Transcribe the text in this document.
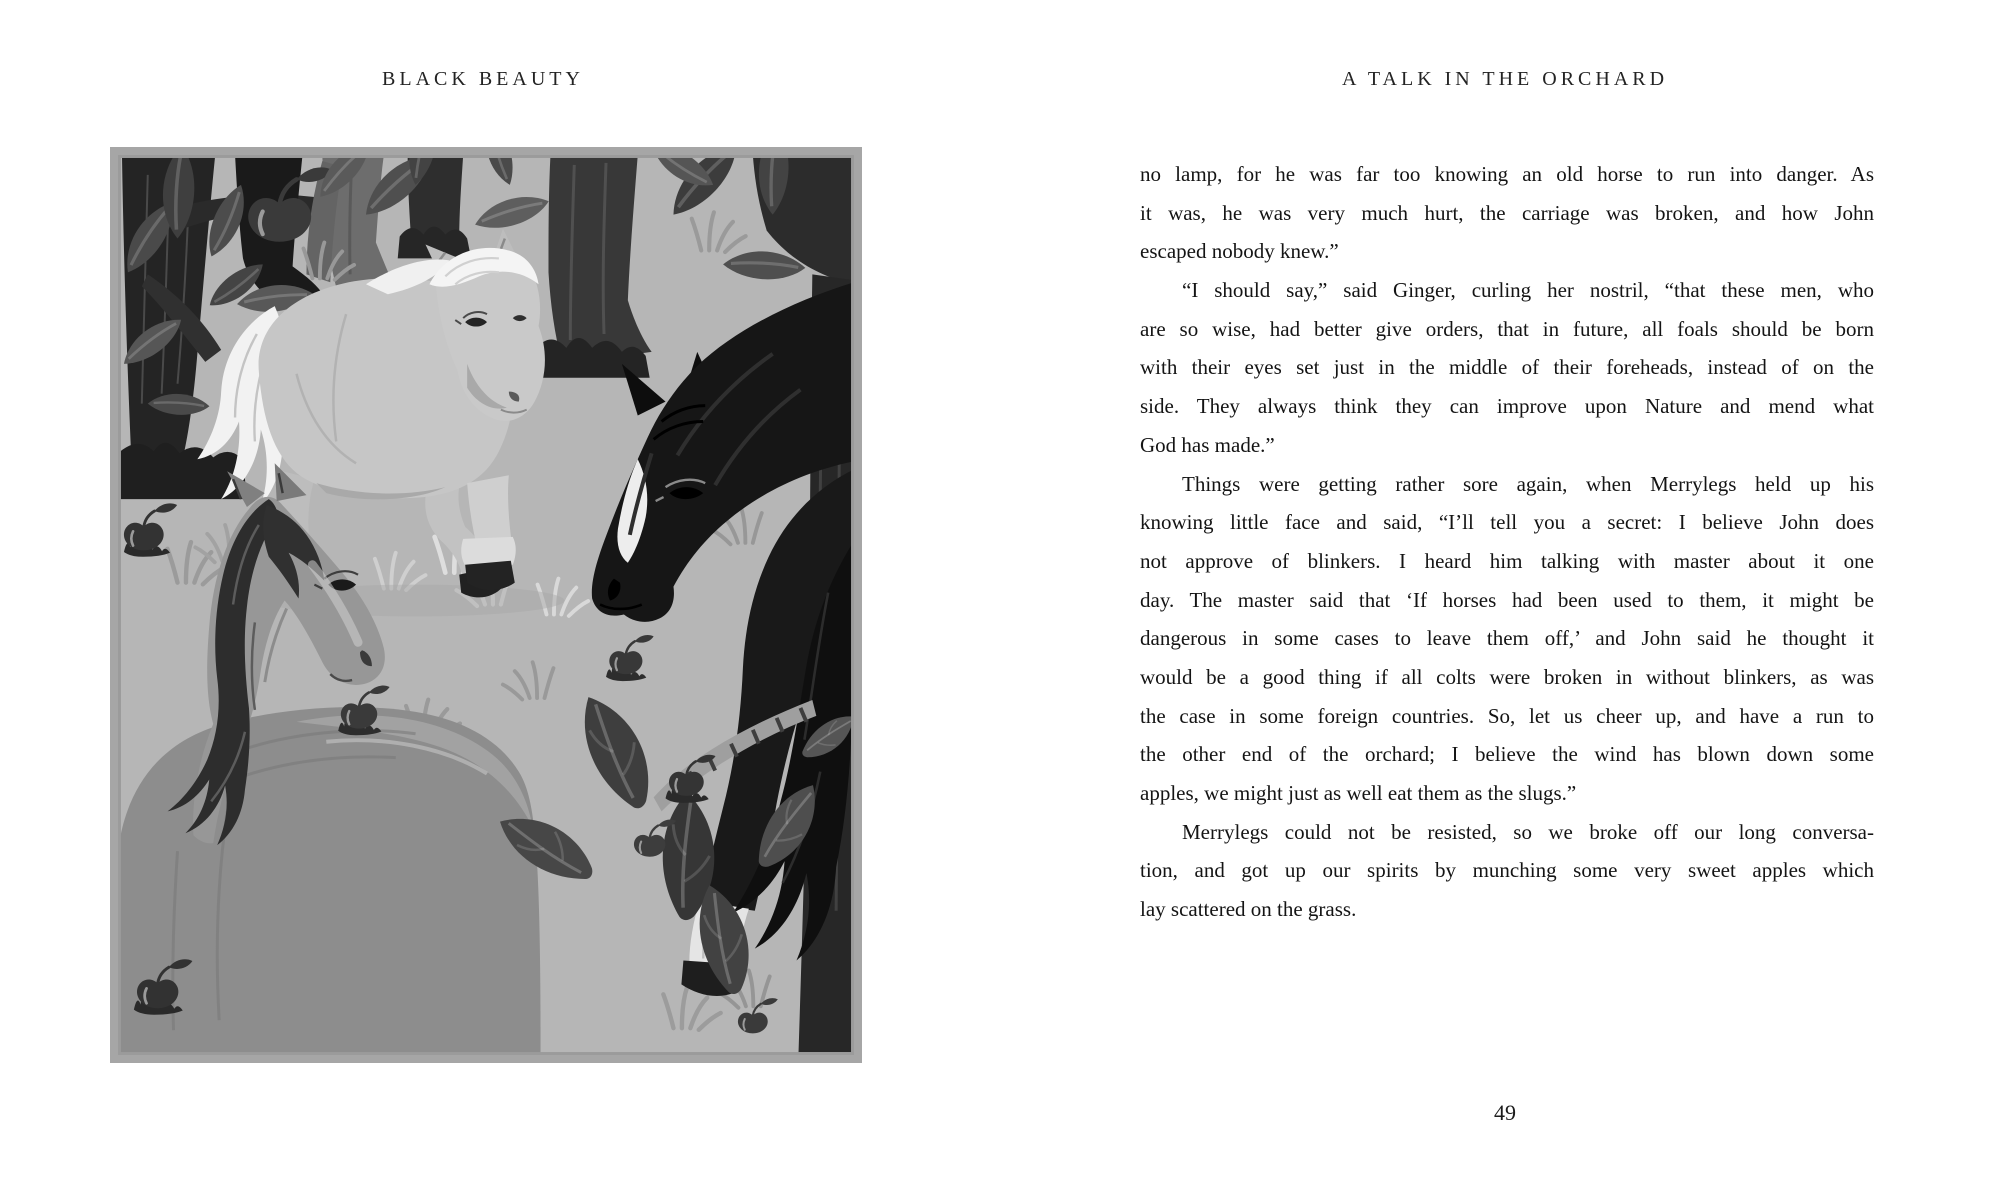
BLACK BEAUTY	A TALK IN THE ORCHARD
no lamp, for he was far too knowing an old horse to run into danger. As
it was, he was very much hurt, the carriage was broken, and how John
escaped nobody knew.”
“I should say,” said Ginger, curling her nostril, “that these men, who
are so wise, had better give orders, that in future, all foals should be born
with their eyes set just in the middle of their foreheads, instead of on the
side. They always think they can improve upon Nature and mend what
God has made.”
Things were getting rather sore again, when Merrylegs held up his
knowing little face and said, “I’ll tell you a secret: I believe John does
not approve of blinkers. I heard him talking with master about it one
day. The master said that ‘If horses had been used to them, it might be
dangerous in some cases to leave them off,’ and John said he thought it
would be a good thing if all colts were broken in without blinkers, as was
the case in some foreign countries. So, let us cheer up, and have a run to
the other end of the orchard; I believe the wind has blown down some
apples, we might just as well eat them as the slugs.”
Merrylegs could not be resisted, so we broke off our long conversa-
tion, and got up our spirits by munching some very sweet apples which
lay scattered on the grass.
49
